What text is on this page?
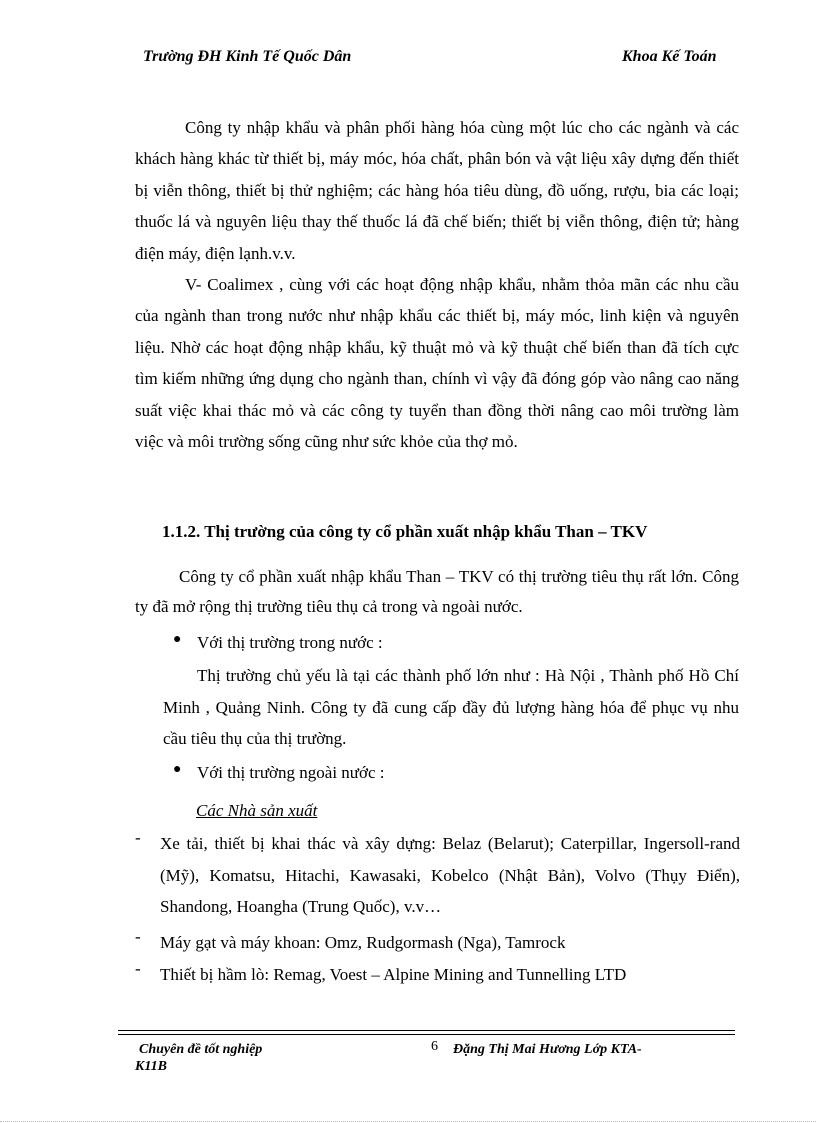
Trường ĐH Kinh Tế Quốc Dân	Khoa Kế Toán
Công ty nhập khẩu và phân phối hàng hóa cùng một lúc cho các ngành và các khách hàng khác từ thiết bị, máy móc, hóa chất, phân bón và vật liệu xây dựng đến thiết bị viễn thông, thiết bị thử nghiệm; các hàng hóa tiêu dùng, đồ uống, rượu, bia các loại; thuốc lá và nguyên liệu thay thế thuốc lá đã chế biến; thiết bị viễn thông, điện tử; hàng điện máy, điện lạnh.v.v.
V- Coalimex , cùng với các hoạt động nhập khẩu, nhằm thỏa mãn các nhu cầu của ngành than trong nước như nhập khẩu các thiết bị, máy móc, linh kiện và nguyên liệu. Nhờ các hoạt động nhập khẩu, kỹ thuật mỏ và kỹ thuật chế biến than đã tích cực tìm kiếm những ứng dụng cho ngành than, chính vì vậy đã đóng góp vào nâng cao năng suất việc khai thác mỏ và các công ty tuyển than đồng thời nâng cao môi trường làm việc và môi trường sống cũng như sức khỏe của thợ mỏ.
1.1.2. Thị trường của công ty cổ phần xuất nhập khẩu Than – TKV
Công ty cổ phần xuất nhập khẩu Than – TKV có thị trường tiêu thụ rất lớn. Công ty đã mở rộng thị trường tiêu thụ cả trong và ngoài nước.
● Với thị trường trong nước :
Thị trường chủ yếu là tại các thành phố lớn như : Hà Nội , Thành phố Hồ Chí Minh , Quảng Ninh. Công ty đã cung cấp đầy đủ lượng hàng hóa để phục vụ nhu cầu tiêu thụ của thị trường.
● Với thị trường ngoài nước :
Các Nhà sản xuất
- Xe tải, thiết bị khai thác và xây dựng: Belaz (Belarut); Caterpillar, Ingersoll-rand (Mỹ), Komatsu, Hitachi, Kawasaki, Kobelco (Nhật Bản), Volvo (Thụy Điển), Shandong, Hoangha (Trung Quốc), v.v…
- Máy gạt và máy khoan: Omz, Rudgormash (Nga), Tamrock
- Thiết bị hầm lò: Remag, Voest – Alpine Mining and Tunnelling LTD
Chuyên đề tốt nghiệp
K11B
6 Đặng Thị Mai Hương Lớp KTA-
